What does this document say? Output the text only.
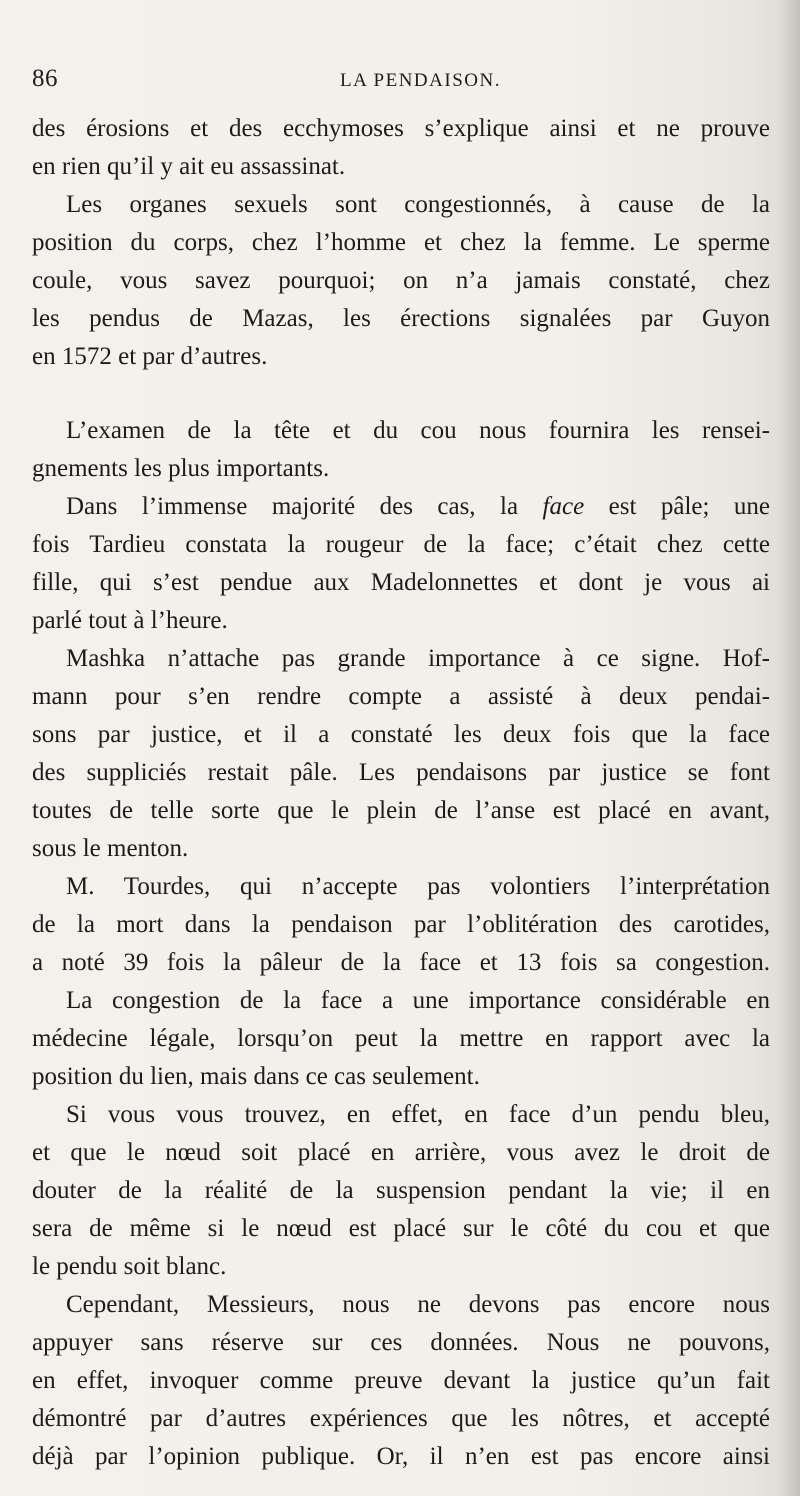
86	LA PENDAISON.
des érosions et des ecchymoses s’explique ainsi et ne prouve
en rien qu’il y ait eu assassinat.
Les organes sexuels sont congestionnés, à cause de la
position du corps, chez l’homme et chez la femme. Le sperme
coule, vous savez pourquoi; on n’a jamais constaté, chez
les pendus de Mazas, les érections signalées par Guyon
en 1572 et par d’autres.
L’examen de la tête et du cou nous fournira les rensei-
gnements les plus importants.
Dans l’immense majorité des cas, la face est pâle; une
fois Tardieu constata la rougeur de la face; c’était chez cette
fille, qui s’est pendue aux Madelonnettes et dont je vous ai
parlé tout à l’heure.
Mashka n’attache pas grande importance à ce signe. Hof-
mann pour s’en rendre compte a assisté à deux pendai-
sons par justice, et il a constaté les deux fois que la face
des suppliciés restait pâle. Les pendaisons par justice se font
toutes de telle sorte que le plein de l’anse est placé en avant,
sous le menton.
M. Tourdes, qui n’accepte pas volontiers l’interprétation
de la mort dans la pendaison par l’oblitération des carotides,
a noté 39 fois la pâleur de la face et 13 fois sa congestion.
La congestion de la face a une importance considérable en
médecine légale, lorsqu’on peut la mettre en rapport avec la
position du lien, mais dans ce cas seulement.
Si vous vous trouvez, en effet, en face d’un pendu bleu,
et que le nœud soit placé en arrière, vous avez le droit de
douter de la réalité de la suspension pendant la vie; il en
sera de même si le nœud est placé sur le côté du cou et que
le pendu soit blanc.
Cependant, Messieurs, nous ne devons pas encore nous
appuyer sans réserve sur ces données. Nous ne pouvons,
en effet, invoquer comme preuve devant la justice qu’un fait
démontré par d’autres expériences que les nôtres, et accepté
déjà par l’opinion publique. Or, il n’en est pas encore ainsi
